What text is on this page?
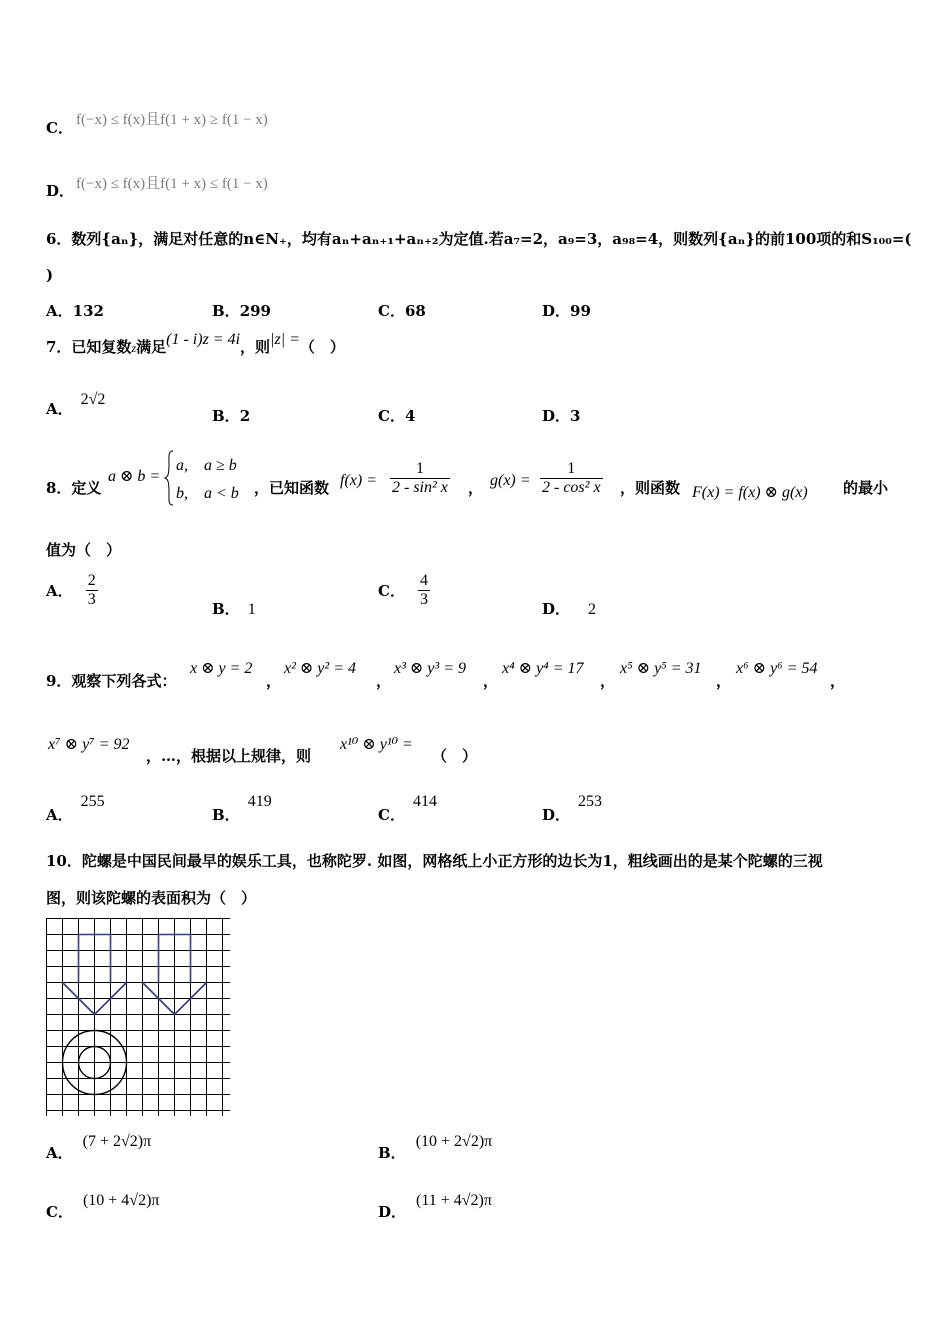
C． f(−x) ≤ f(x)且f(1 + x) ≥ f(1 − x)
D． f(−x) ≤ f(x)且f(1 + x) ≤ f(1 − x)
6．数列{aₙ}，满足对任意的n∈N₊，均有aₙ+aₙ₊₁+aₙ₊₂为定值.若a₇=2，a₉=3，a₉₈=4，则数列{aₙ}的前100项的和S₁₀₀=(
)
A．132	B．299	C．68	D．99
7．已知复数z满足(1 - i)z = 4i，则|z| =（　）
A．2√2
B．2	C．4	D．3
8．定义
a ⊗ b =
a,　a ≥ b
b,　a < b ，已知函数 $f(x) = \frac{1}{\text{2 - sin² x}}$ ， $g(x) = \frac{1}{\text{2 - cos² x}}$ ，则函数 F(x) = f(x) ⊗ g(x) 的最小
值为（　）
A． $\frac{2}{3}$	B． 1
C． $\frac{4}{3}$	D． 2
9．观察下列各式：
x ⊗ y = 2
，
x² ⊗ y² = 4
，
x³ ⊗ y³ = 9
，
x⁴ ⊗ y⁴ = 17
，
x⁵ ⊗ y⁵ = 31
，
x⁶ ⊗ y⁶ = 54
，
x⁷ ⊗ y⁷ = 92
，…，根据以上规律，则
x¹⁰ ⊗ y¹⁰ =
（　）
A．255
B．419
C．414
D．253
10．陀螺是中国民间最早的娱乐工具，也称陀罗. 如图，网格纸上小正方形的边长为1，粗线画出的是某个陀螺的三视
图，则该陀螺的表面积为（　）
A．(7 + 2√2)π
B．(10 + 2√2)π
C．(10 + 4√2)π
D．(11 + 4√2)π
